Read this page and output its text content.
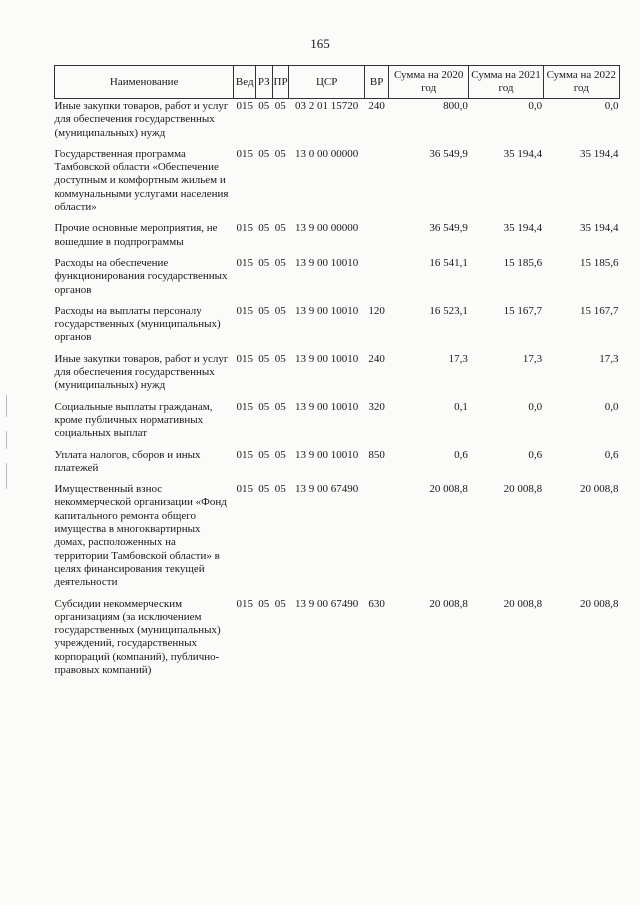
165
Наименование	Вед	РЗ	ПР	ЦСР	ВР	Сумма на 2020 год	Сумма на 2021 год	Сумма на 2022 год
Иные закупки товаров, работ и услуг для обеспечения государственных (муниципальных) нужд	015	05	05	03 2 01 15720	240	800,0	0,0	0,0
Государственная программа Тамбовской области «Обеспечение доступным и комфортным жильем и коммунальными услугами населения области»	015	05	05	13 0 00 00000		36 549,9	35 194,4	35 194,4
Прочие основные мероприятия, не вошедшие в подпрограммы	015	05	05	13 9 00 00000		36 549,9	35 194,4	35 194,4
Расходы на обеспечение функционирования государственных органов	015	05	05	13 9 00 10010		16 541,1	15 185,6	15 185,6
Расходы на выплаты персоналу государственных (муниципальных) органов	015	05	05	13 9 00 10010	120	16 523,1	15 167,7	15 167,7
Иные закупки товаров, работ и услуг для обеспечения государственных (муниципальных) нужд	015	05	05	13 9 00 10010	240	17,3	17,3	17,3
Социальные выплаты гражданам, кроме публичных нормативных социальных выплат	015	05	05	13 9 00 10010	320	0,1	0,0	0,0
Уплата налогов, сборов и иных платежей	015	05	05	13 9 00 10010	850	0,6	0,6	0,6
Имущественный взнос некоммерческой организации «Фонд капитального ремонта общего имущества в многоквартирных домах, расположенных на территории Тамбовской области» в целях финансирования текущей деятельности	015	05	05	13 9 00 67490		20 008,8	20 008,8	20 008,8
Субсидии некоммерческим организациям (за исключением государственных (муниципальных) учреждений, государственных корпораций (компаний), публично-правовых компаний)	015	05	05	13 9 00 67490	630	20 008,8	20 008,8	20 008,8
